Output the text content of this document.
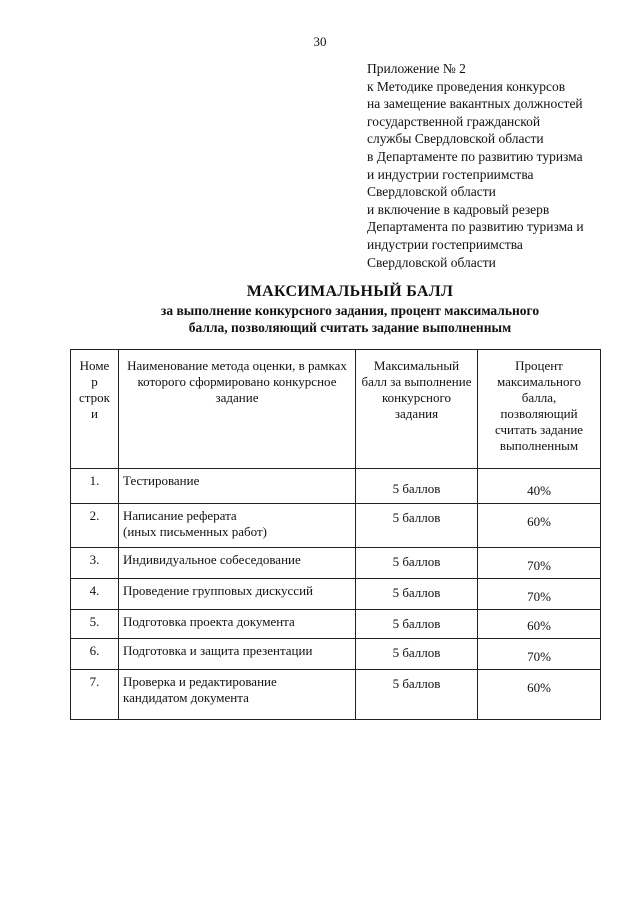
30
Приложение № 2
к Методике проведения конкурсов
на замещение вакантных должностей
государственной гражданской
службы Свердловской области
в Департаменте по развитию туризма
и индустрии гостеприимства
Свердловской области
и включение в кадровый резерв
Департамента по развитию туризма и
индустрии гостеприимства
Свердловской области
МАКСИМАЛЬНЫЙ БАЛЛ
за выполнение конкурсного задания, процент максимального
балла, позволяющий считать задание выполненным
Номе р строк и	Наименование метода оценки, в рамках которого сформировано конкурсное задание	Максимальный балл за выполнение конкурсного задания	Процент максимального балла, позволяющий считать задание выполненным
1.	Тестирование	5 баллов	40%
2.	Написание реферата
(иных письменных работ)	5 баллов	60%
3.	Индивидуальное собеседование	5 баллов	70%
4.	Проведение групповых дискуссий	5 баллов	70%
5.	Подготовка проекта документа	5 баллов	60%
6.	Подготовка и защита презентации	5 баллов	70%
7.	Проверка и редактирование
кандидатом документа	5 баллов	60%
